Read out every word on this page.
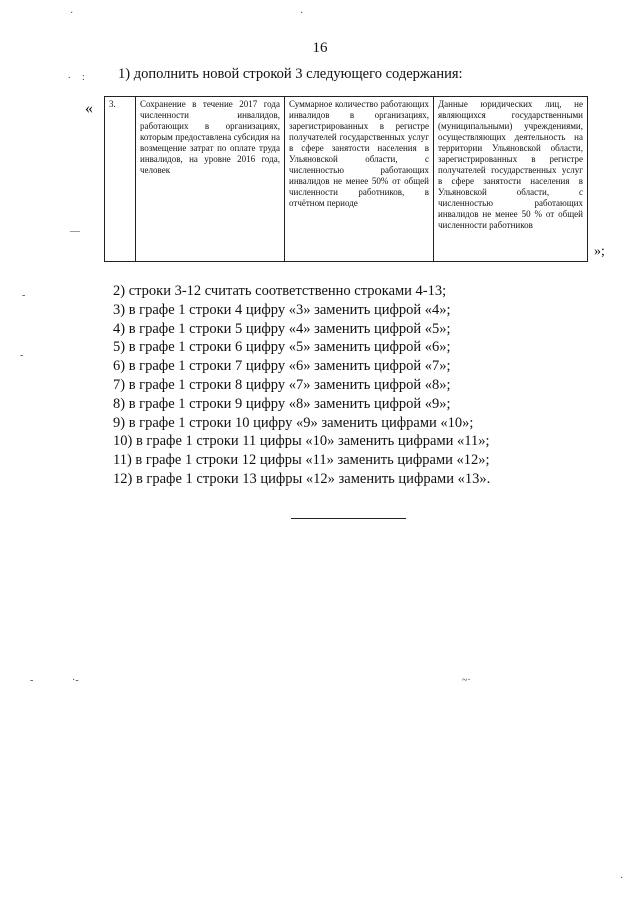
16
1) дополнить новой строкой 3 следующего содержания:
« 3.	Сохранение в течение 2017 года численности инвалидов, работающих в организациях, которым предоставлена субсидия на возмещение затрат по оплате труда инвалидов, на уровне 2016 года, человек	Суммарное количество работающих инвалидов в организациях, зарегистрированных в регистре получателей государственных услуг в сфере занятости населения в Ульяновской области, с численностью работающих инвалидов не менее 50% от общей численности работников, в отчётном периоде	Данные юридических лиц, не являющихся государственными (муниципальными) учреждениями, осуществляющих деятельность на территории Ульяновской области, зарегистрированных в регистре получателей государственных услуг в сфере занятости населения в Ульяновской области, с численностью работающих инвалидов не менее 50 % от общей численности работников
»;
2) строки 3-12 считать соответственно строками 4-13;
3) в графе 1 строки 4 цифру «3» заменить цифрой «4»;
4) в графе 1 строки 5 цифру «4» заменить цифрой «5»;
5) в графе 1 строки 6 цифру «5» заменить цифрой «6»;
6) в графе 1 строки 7 цифру «6» заменить цифрой «7»;
7) в графе 1 строки 8 цифру «7» заменить цифрой «8»;
8) в графе 1 строки 9 цифру «8» заменить цифрой «9»;
9) в графе 1 строки 10 цифру «9» заменить цифрами «10»;
10) в графе 1 строки 11 цифры «10» заменить цифрами «11»;
11) в графе 1 строки 12 цифры «11» заменить цифрами «12»;
12) в графе 1 строки 13 цифры «12» заменить цифрами «13».
·	·
. :
—
-
-
-	·-	~·
·
